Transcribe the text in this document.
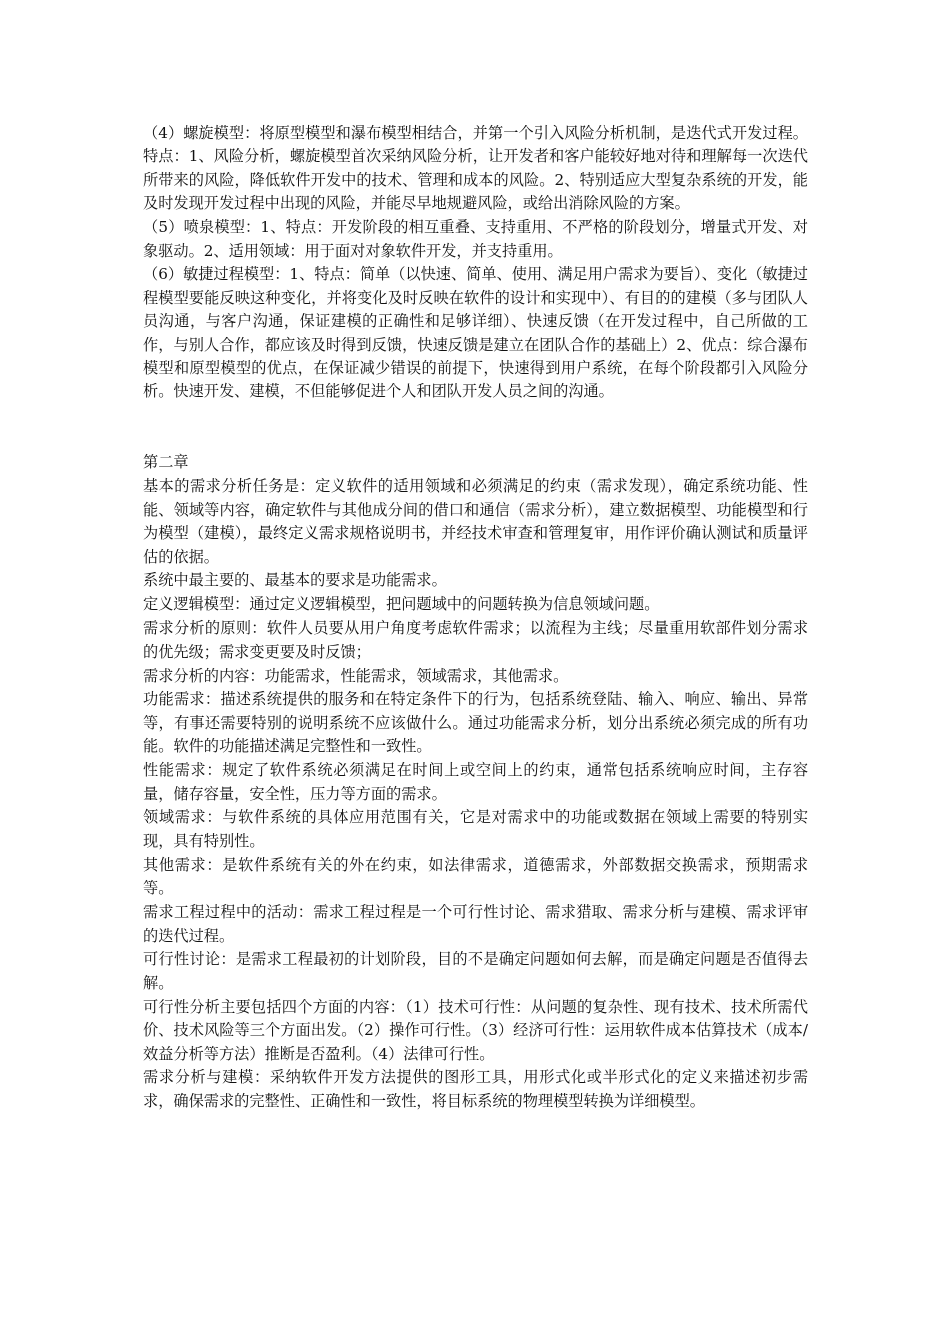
（4）螺旋模型：将原型模型和瀑布模型相结合，并第一个引入风险分析机制，是迭代式开发过程。特点：1、风险分析，螺旋模型首次采纳风险分析，让开发者和客户能较好地对待和理解每一次迭代所带来的风险，降低软件开发中的技术、管理和成本的风险。2、特别适应大型复杂系统的开发，能及时发现开发过程中出现的风险，并能尽早地规避风险，或给出消除风险的方案。

（5）喷泉模型：1、特点：开发阶段的相互重叠、支持重用、不严格的阶段划分，增量式开发、对象驱动。2、适用领域：用于面对对象软件开发，并支持重用。

（6）敏捷过程模型：1、特点：简单（以快速、简单、使用、满足用户需求为要旨）、变化（敏捷过程模型要能反映这种变化，并将变化及时反映在软件的设计和实现中）、有目的的建模（多与团队人员沟通，与客户沟通，保证建模的正确性和足够详细）、快速反馈（在开发过程中，自己所做的工作，与别人合作，都应该及时得到反馈，快速反馈是建立在团队合作的基础上）2、优点：综合瀑布模型和原型模型的优点，在保证减少错误的前提下，快速得到用户系统，在每个阶段都引入风险分析。快速开发、建模，不但能够促进个人和团队开发人员之间的沟通。

第二章

基本的需求分析任务是：定义软件的适用领域和必须满足的约束（需求发现），确定系统功能、性能、领域等内容，确定软件与其他成分间的借口和通信（需求分析），建立数据模型、功能模型和行为模型（建模），最终定义需求规格说明书，并经技术审查和管理复审，用作评价确认测试和质量评估的依据。

系统中最主要的、最基本的要求是功能需求。

定义逻辑模型：通过定义逻辑模型，把问题域中的问题转换为信息领域问题。

需求分析的原则：软件人员要从用户角度考虑软件需求；以流程为主线；尽量重用软部件划分需求的优先级；需求变更要及时反馈；

需求分析的内容：功能需求，性能需求，领域需求，其他需求。

功能需求：描述系统提供的服务和在特定条件下的行为，包括系统登陆、输入、响应、输出、异常等，有事还需要特别的说明系统不应该做什么。通过功能需求分析，划分出系统必须完成的所有功能。软件的功能描述满足完整性和一致性。

性能需求：规定了软件系统必须满足在时间上或空间上的约束，通常包括系统响应时间，主存容量，储存容量，安全性，压力等方面的需求。

领域需求：与软件系统的具体应用范围有关，它是对需求中的功能或数据在领域上需要的特别实现，具有特别性。

其他需求：是软件系统有关的外在约束，如法律需求，道德需求，外部数据交换需求，预期需求等。

需求工程过程中的活动：需求工程过程是一个可行性讨论、需求猎取、需求分析与建模、需求评审的迭代过程。

可行性讨论：是需求工程最初的计划阶段，目的不是确定问题如何去解，而是确定问题是否值得去解。

可行性分析主要包括四个方面的内容：（1）技术可行性：从问题的复杂性、现有技术、技术所需代价、技术风险等三个方面出发。（2）操作可行性。（3）经济可行性：运用软件成本估算技术（成本/效益分析等方法）推断是否盈利。（4）法律可行性。

需求分析与建模：采纳软件开发方法提供的图形工具，用形式化或半形式化的定义来描述初步需求，确保需求的完整性、正确性和一致性，将目标系统的物理模型转换为详细模型。
